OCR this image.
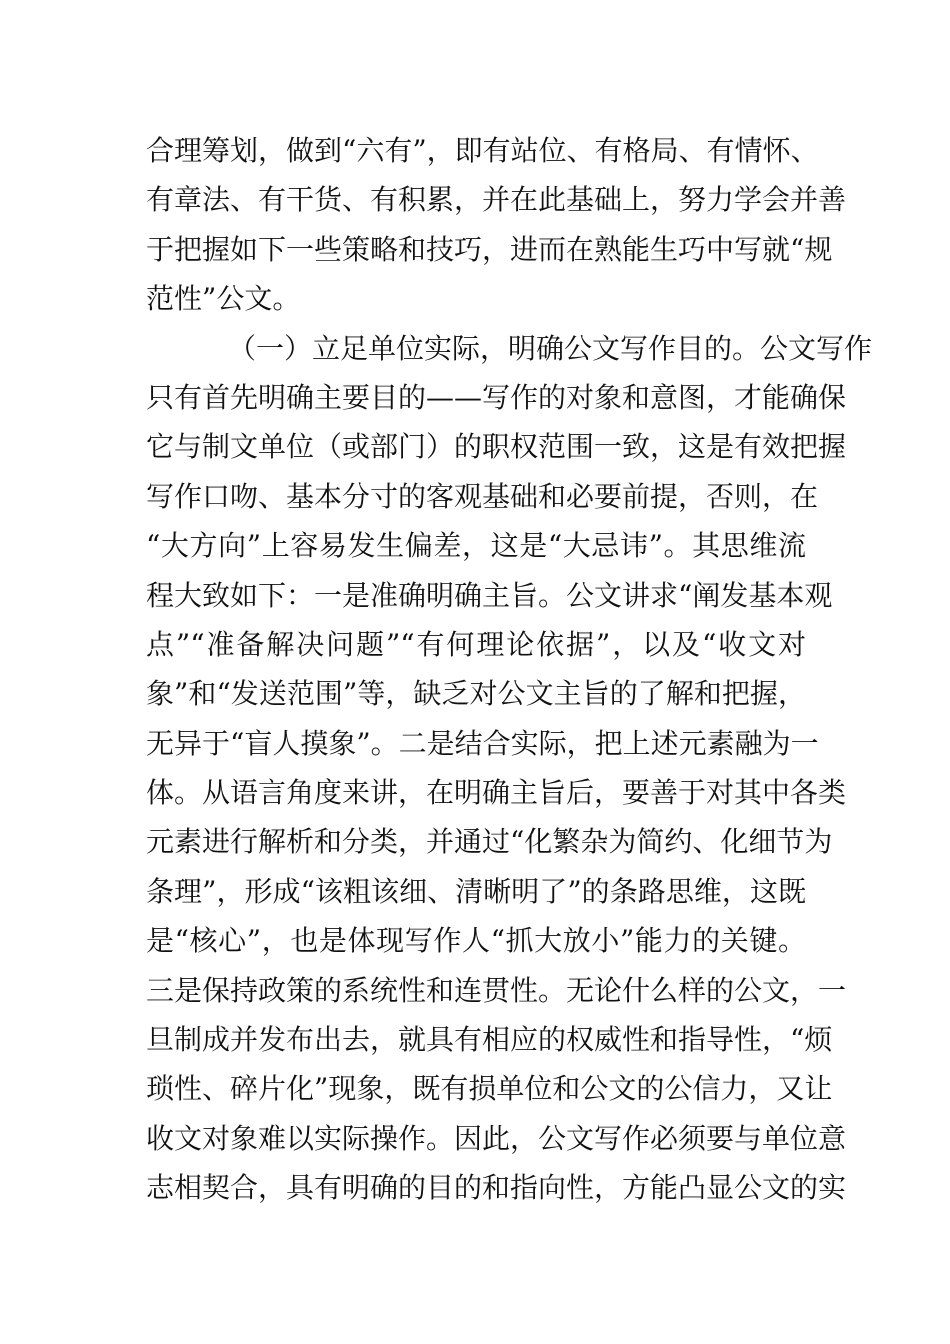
合理筹划，做到“六有”，即有站位、有格局、有情怀、
有章法、有干货、有积累，并在此基础上，努力学会并善
于把握如下一些策略和技巧，进而在熟能生巧中写就“规
范性”公文。
（一）立足单位实际，明确公文写作目的。公文写作
只有首先明确主要目的——写作的对象和意图，才能确保
它与制文单位（或部门）的职权范围一致，这是有效把握
写作口吻、基本分寸的客观基础和必要前提，否则，在
“大方向”上容易发生偏差，这是“大忌讳”。其思维流
程大致如下：一是准确明确主旨。公文讲求“阐发基本观
点”“准备解决问题”“有何理论依据”，以及“收文对
象”和“发送范围”等，缺乏对公文主旨的了解和把握，
无异于“盲人摸象”。二是结合实际，把上述元素融为一
体。从语言角度来讲，在明确主旨后，要善于对其中各类
元素进行解析和分类，并通过“化繁杂为简约、化细节为
条理”，形成“该粗该细、清晰明了”的条路思维，这既
是“核心”，也是体现写作人“抓大放小”能力的关键。
三是保持政策的系统性和连贯性。无论什么样的公文，一
旦制成并发布出去，就具有相应的权威性和指导性，“烦
琐性、碎片化”现象，既有损单位和公文的公信力，又让
收文对象难以实际操作。因此，公文写作必须要与单位意
志相契合，具有明确的目的和指向性，方能凸显公文的实
